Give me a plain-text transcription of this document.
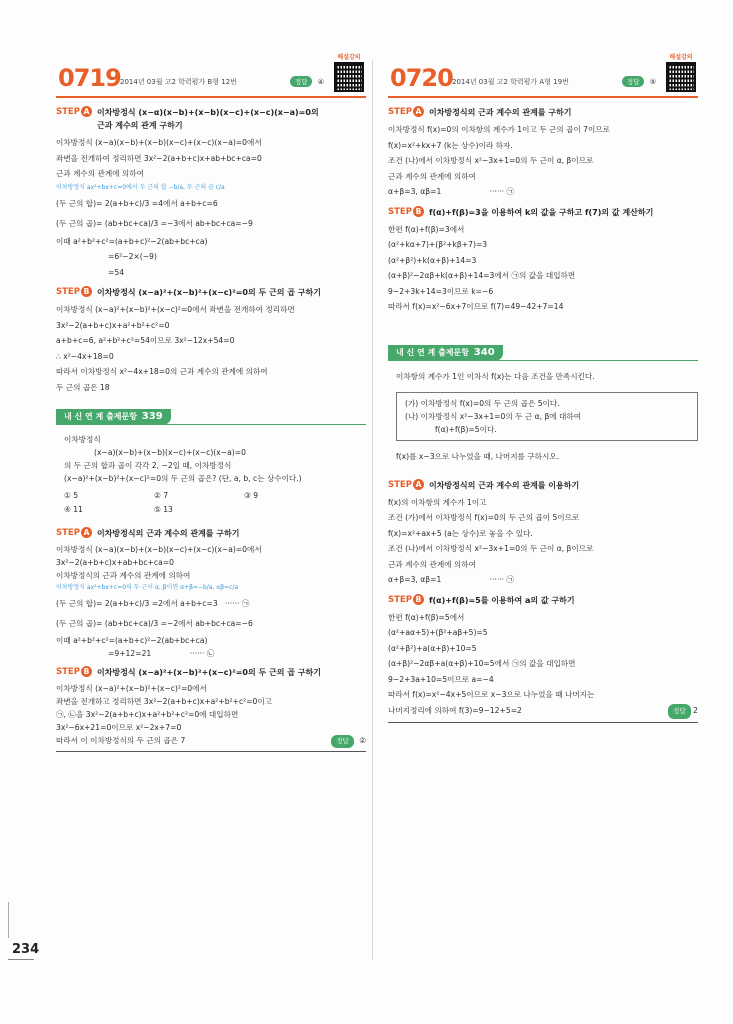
234
0719 2014년 03월 고2 학력평가 B형 12번	정답 ④
해설강의
STEP A 이차방정식 (x−α)(x−b)+(x−b)(x−c)+(x−c)(x−a)=0의
근과 계수의 관계 구하기
이차방정식 (x−a)(x−b)+(x−b)(x−c)+(x−c)(x−a)=0에서
좌변을 전개하여 정리하면 3x²−2(a+b+c)x+ab+bc+ca=0
근과 계수의 관계에 의하여
이차방정식 ax²+bx+c=0에서 두 근의 합 −b/a, 두 근의 곱 c/a
(두 근의 합)= 2(a+b+c)/3 =4에서 a+b+c=6
(두 근의 곱)= (ab+bc+ca)/3 =−3에서 ab+bc+ca=−9
이때 a²+b²+c²=(a+b+c)²−2(ab+bc+ca)
=6²−2×(−9)
=54
STEP B 이차방정식 (x−a)²+(x−b)²+(x−c)²=0의 두 근의 곱 구하기
이차방정식 (x−a)²+(x−b)²+(x−c)²=0에서 좌변을 전개하여 정리하면
3x²−2(a+b+c)x+a²+b²+c²=0
a+b+c=6, a²+b²+c²=54이므로 3x²−12x+54=0
∴ x²−4x+18=0
따라서 이차방정식 x²−4x+18=0의 근과 계수의 관계에 의하여
두 근의 곱은 18
내 신 연 계 출제문항 339
이차방정식
(x−a)(x−b)+(x−b)(x−c)+(x−c)(x−a)=0
의 두 근의 합과 곱이 각각 2, −2일 때, 이차방정식
(x−a)²+(x−b)²+(x−c)²=0의 두 근의 곱은? (단, a, b, c는 상수이다.)
① 5	② 7	③ 9
④ 11	⑤ 13
STEP A 이차방정식의 근과 계수의 관계를 구하기
이차방정식 (x−a)(x−b)+(x−b)(x−c)+(x−c)(x−a)=0에서
3x²−2(a+b+c)x+ab+bc+ca=0
이차방정식의 근과 계수의 관계에 의하여
이차방정식 ax²+bx+c=0의 두 근이 α, β이면 α+β=−b/a, αβ=c/a
(두 근의 합)= 2(a+b+c)/3 =2에서 a+b+c=3 ······ ㉠
(두 근의 곱)= (ab+bc+ca)/3 =−2에서 ab+bc+ca=−6
이때 a²+b²+c²=(a+b+c)²−2(ab+bc+ca)
=9+12=21	······ ㉡
STEP B 이차방정식 (x−a)²+(x−b)²+(x−c)²=0의 두 근의 곱 구하기
이차방정식 (x−a)²+(x−b)²+(x−c)²=0에서
좌변을 전개하고 정리하면 3x²−2(a+b+c)x+a²+b²+c²=0이고
㉠, ㉡을 3x²−2(a+b+c)x+a²+b²+c²=0에 대입하면
3x²−6x+21=0이므로 x²−2x+7=0
따라서 이 이차방정식의 두 근의 곱은 7	정답 ②
0720 2014년 03월 고2 학력평가 A형 19번	정답 ⑤
해설강의
STEP A 이차방정식의 근과 계수의 관계를 구하기
이차방정식 f(x)=0의 이차항의 계수가 1이고 두 근의 곱이 7이므로
f(x)=x²+kx+7 (k는 상수)이라 하자.
조건 (나)에서 이차방정식 x²−3x+1=0의 두 근이 α, β이므로
근과 계수의 관계에 의하여
α+β=3, αβ=1	······ ㉠
STEP B f(α)+f(β)=3을 이용하여 k의 값을 구하고 f(7)의 값 계산하기
한편 f(α)+f(β)=3에서
(α²+kα+7)+(β²+kβ+7)=3
(α²+β²)+k(α+β)+14=3
(α+β)²−2αβ+k(α+β)+14=3에서 ㉠의 값을 대입하면
9−2+3k+14=3이므로 k=−6
따라서 f(x)=x²−6x+7이므로 f(7)=49−42+7=14
내 신 연 계 출제문항 340
이차항의 계수가 1인 이차식 f(x)는 다음 조건을 만족시킨다.
(가) 이차방정식 f(x)=0의 두 근의 곱은 5이다.
(나) 이차방정식 x²−3x+1=0의 두 근 α, β에 대하여
f(α)+f(β)=5이다.
f(x)를 x−3으로 나누었을 때, 나머지를 구하시오.
STEP A 이차방정식의 근과 계수의 관계를 이용하기
f(x)의 이차항의 계수가 1이고
조건 (가)에서 이차방정식 f(x)=0의 두 근의 곱이 5이므로
f(x)=x²+ax+5 (a는 상수)로 놓을 수 있다.
조건 (나)에서 이차방정식 x²−3x+1=0의 두 근이 α, β이므로
근과 계수의 관계에 의하여
α+β=3, αβ=1	······ ㉠
STEP B f(α)+f(β)=5를 이용하여 a의 값 구하기
한편 f(α)+f(β)=5에서
(α²+aα+5)+(β²+aβ+5)=5
(α²+β²)+a(α+β)+10=5
(α+β)²−2αβ+a(α+β)+10=5에서 ㉠의 값을 대입하면
9−2+3a+10=5이므로 a=−4
따라서 f(x)=x²−4x+5이므로 x−3으로 나누었을 때 나머지는
나머지정리에 의하여 f(3)=9−12+5=2	정답 2
